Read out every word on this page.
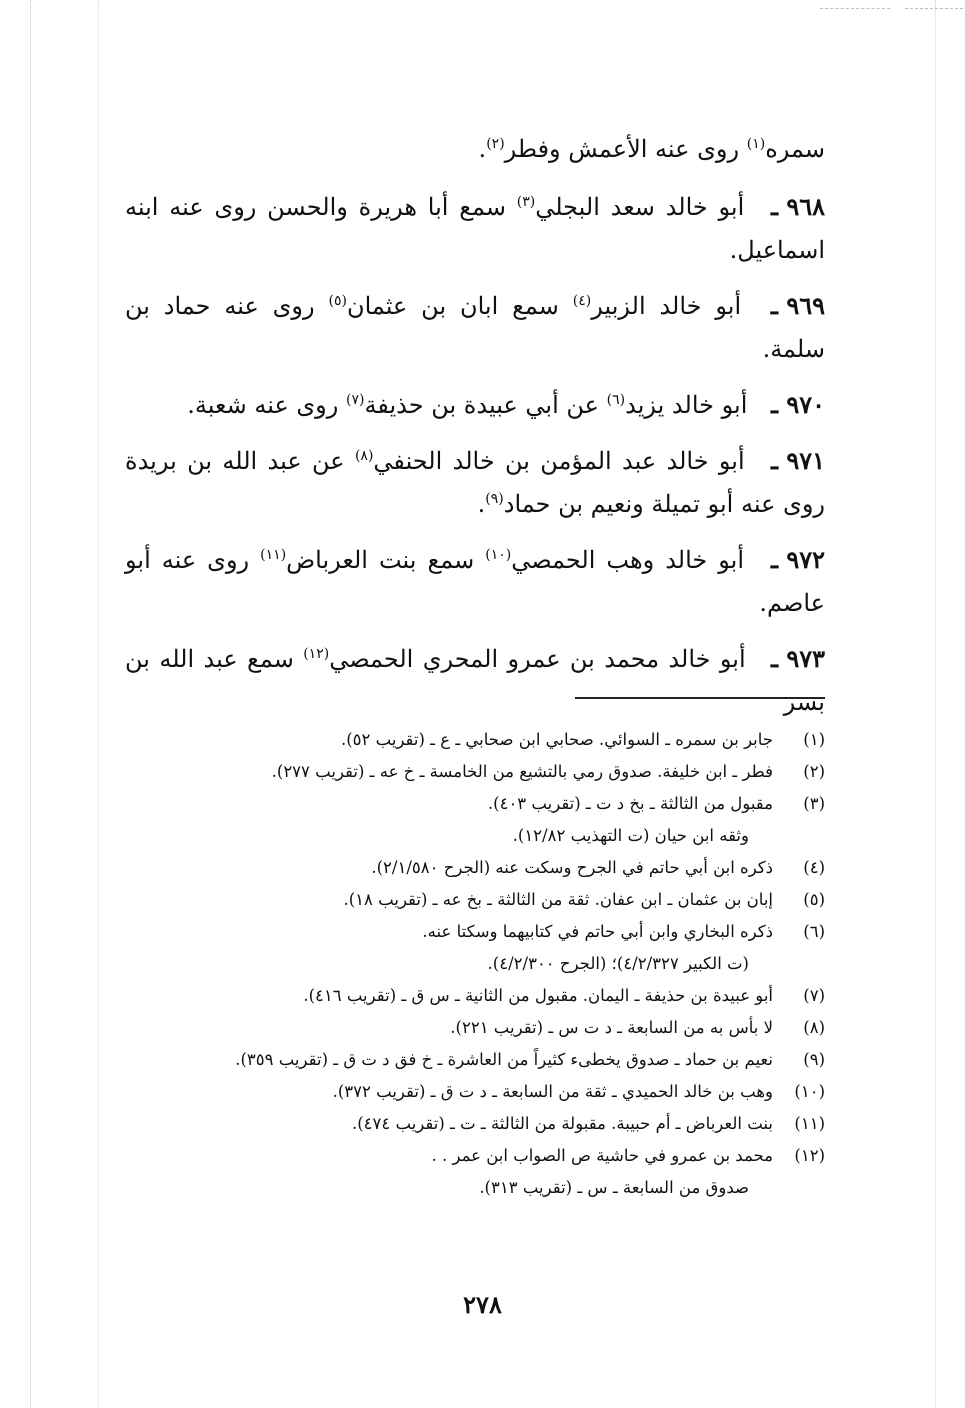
سمره$^{(١)}$ روى عنه الأعمش وفطر$^{(٢)}$.
٩٦٨ ـ أبو خالد سعد البجلي$^{(٣)}$ سمع أبا هريرة والحسن روى عنه ابنه اسماعيل.
٩٦٩ ـ أبو خالد الزبير$^{(٤)}$ سمع ابان بن عثمان$^{(٥)}$ روى عنه حماد بن سلمة.
٩٧٠ ـ أبو خالد يزيد$^{(٦)}$ عن أبي عبيدة بن حذيفة$^{(٧)}$ روى عنه شعبة.
٩٧١ ـ أبو خالد عبد المؤمن بن خالد الحنفي$^{(٨)}$ عن عبد الله بن بريدة روى عنه أبو تميلة ونعيم بن حماد$^{(٩)}$.
٩٧٢ ـ أبو خالد وهب الحمصي$^{(١٠)}$ سمع بنت العرباض$^{(١١)}$ روى عنه أبو عاصم.
٩٧٣ ـ أبو خالد محمد بن عمرو المحري الحمصي$^{(١٢)}$ سمع عبد الله بن بسر
(١)
جابر بن سمره ـ السوائي. صحابي ابن صحابي ـ ع ـ (تقريب ٥٢).
(٢)
فطر ـ ابن خليفة. صدوق رمي بالتشيع من الخامسة ـ خ عه ـ (تقريب ٢٧٧).
(٣)
مقبول من الثالثة ـ بخ د ت ـ (تقريب ٤٠٣).
وثقه ابن حيان (ت التهذيب ١٢/٨٢).
(٤)
ذكره ابن أبي حاتم في الجرح وسكت عنه (الجرح ٢/١/٥٨٠).
(٥)
إبان بن عثمان ـ ابن عفان. ثقة من الثالثة ـ بخ عه ـ (تقريب ١٨).
(٦)
ذكره البخاري وابن أبي حاتم في كتابيهما وسكتا عنه.
(ت الكبير ٤/٢/٣٢٧)؛ (الجرح ٤/٢/٣٠٠).
(٧)
أبو عبيدة بن حذيفة ـ اليمان. مقبول من الثانية ـ س ق ـ (تقريب ٤١٦).
(٨)
لا بأس به من السابعة ـ د ت س ـ (تقريب ٢٢١).
(٩)
نعيم بن حماد ـ صدوق يخطىء كثيراً من العاشرة ـ خ فق د ت ق ـ (تقريب ٣٥٩).
(١٠)
وهب بن خالد الحميدي ـ ثقة من السابعة ـ د ت ق ـ (تقريب ٣٧٢).
(١١)
بنت العرباض ـ أم حبيبة. مقبولة من الثالثة ـ ت ـ (تقريب ٤٧٤).
(١٢)
محمد بن عمرو في حاشية ص الصواب ابن عمر . .
صدوق من السابعة ـ س ـ (تقريب ٣١٣).
٢٧٨
